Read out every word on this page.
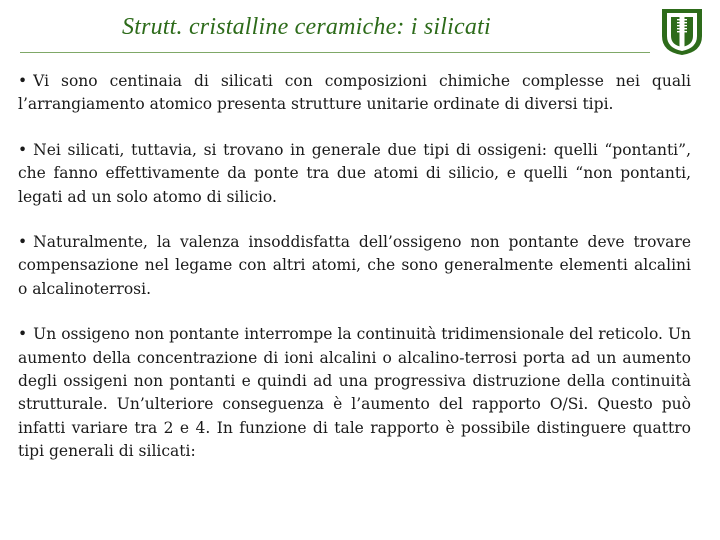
Strutt. cristalline ceramiche: i silicati

• Vi sono centinaia di silicati con composizioni chimiche complesse nei quali l’arrangiamento atomico presenta strutture unitarie ordinate di diversi tipi.

• Nei silicati, tuttavia, si trovano in generale due tipi di ossigeni: quelli “pontanti”, che fanno effettivamente da ponte tra due atomi di silicio, e quelli “non pontanti, legati ad un solo atomo di silicio.

• Naturalmente, la valenza insoddisfatta dell’ossigeno non pontante deve trovare compensazione nel legame con altri atomi, che sono generalmente elementi alcalini o alcalinoterrosi.

• Un ossigeno non pontante interrompe la continuità tridimensionale del reticolo. Un aumento della concentrazione di ioni alcalini o alcalino-terrosi porta ad un aumento degli ossigeni non pontanti e quindi ad una progressiva distruzione della continuità strutturale. Un’ulteriore conseguenza è l’aumento del rapporto O/Si. Questo può infatti variare tra 2 e 4. In funzione di tale rapporto è possibile distinguere quattro tipi generali di silicati:
